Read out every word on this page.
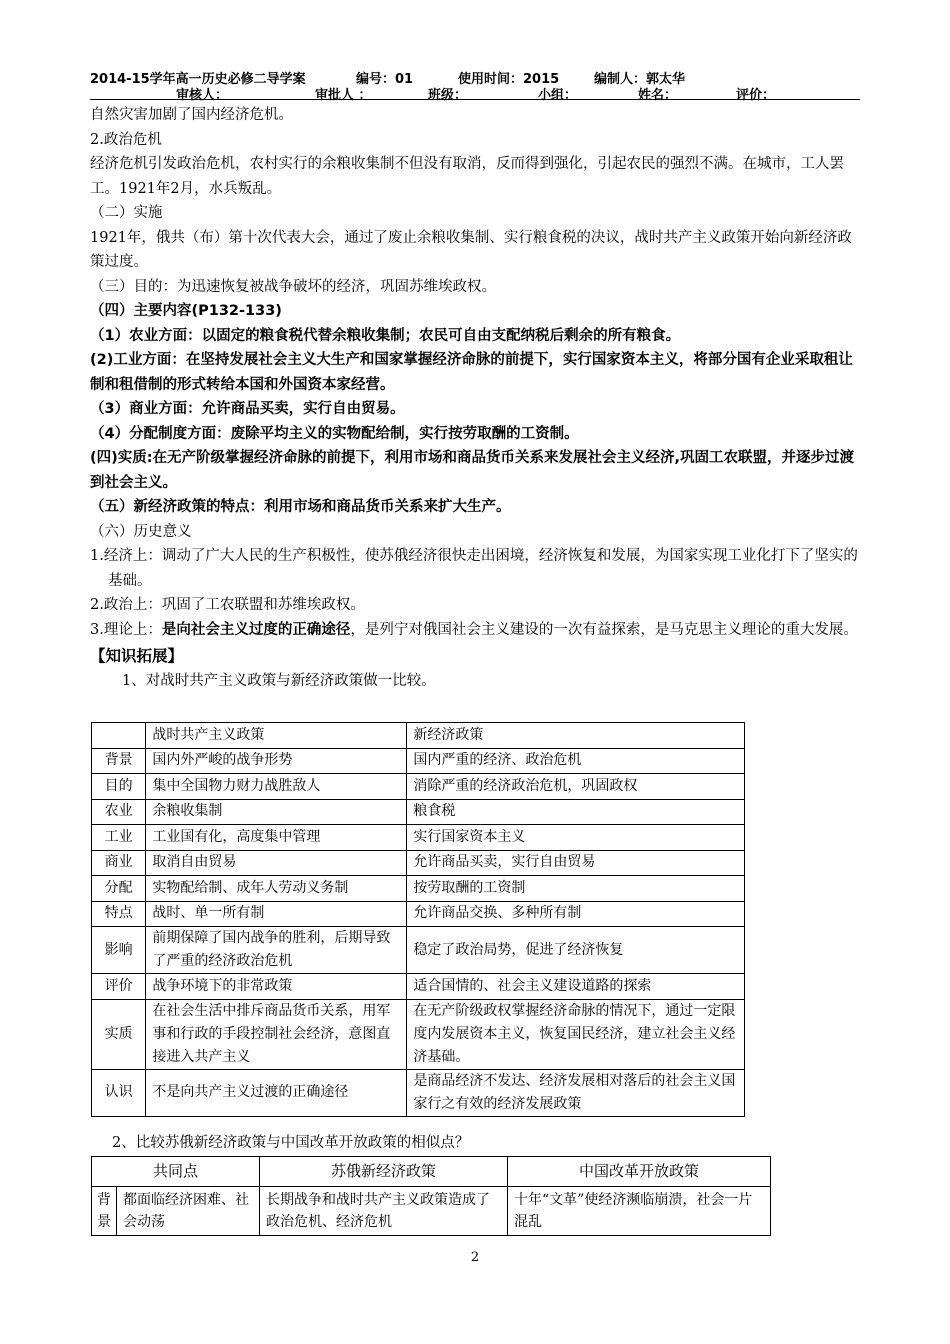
2014-15学年高一历史必修二导学案	编号：01	使用时间：2015	编制人：郭太华
审核人：	审批人 ：	班级：	小组：	姓名：	评价：

自然灾害加剧了国内经济危机。

2.政治危机

经济危机引发政治危机，农村实行的余粮收集制不但没有取消，反而得到强化，引起农民的强烈不满。在城市，工人罢工。1921年2月，水兵叛乱。

（二）实施

1921年，俄共（布）第十次代表大会，通过了废止余粮收集制、实行粮食税的决议，战时共产主义政策开始向新经济政策过度。

（三）目的：为迅速恢复被战争破坏的经济，巩固苏维埃政权。

（四）主要内容(P132-133)

（1）农业方面：以固定的粮食税代替余粮收集制；农民可自由支配纳税后剩余的所有粮食。

(2)工业方面：在坚持发展社会主义大生产和国家掌握经济命脉的前提下，实行国家资本主义，将部分国有企业采取租让制和租借制的形式转给本国和外国资本家经营。

（3）商业方面：允许商品买卖，实行自由贸易。

（4）分配制度方面：废除平均主义的实物配给制，实行按劳取酬的工资制。

(四)实质:在无产阶级掌握经济命脉的前提下，利用市场和商品货币关系来发展社会主义经济,巩固工农联盟，并逐步过渡到社会主义。

（五）新经济政策的特点：利用市场和商品货币关系来扩大生产。

（六）历史意义

1.经济上：调动了广大人民的生产积极性，使苏俄经济很快走出困境，经济恢复和发展，为国家实现工业化打下了坚实的基础。

2.政治上：巩固了工农联盟和苏维埃政权。

3.理论上：是向社会主义过度的正确途径，是列宁对俄国社会主义建设的一次有益探索，是马克思主义理论的重大发展。

【知识拓展】

1、对战时共产主义政策与新经济政策做一比较。

	战时共产主义政策	新经济政策
背景	国内外严峻的战争形势	国内严重的经济、政治危机
目的	集中全国物力财力战胜敌人	消除严重的经济政治危机，巩固政权
农业	余粮收集制	粮食税
工业	工业国有化，高度集中管理	实行国家资本主义
商业	取消自由贸易	允许商品买卖，实行自由贸易
分配	实物配给制、成年人劳动义务制	按劳取酬的工资制
特点	战时、单一所有制	允许商品交换、多种所有制
影响	前期保障了国内战争的胜利，后期导致了严重的经济政治危机	稳定了政治局势，促进了经济恢复
评价	战争环境下的非常政策	适合国情的、社会主义建设道路的探索
实质	在社会生活中排斥商品货币关系，用军事和行政的手段控制社会经济，意图直接进入共产主义	在无产阶级政权掌握经济命脉的情况下，通过一定限度内发展资本主义，恢复国民经济，建立社会主义经济基础。
认识	不是向共产主义过渡的正确途径	是商品经济不发达、经济发展相对落后的社会主义国家行之有效的经济发展政策

2、比较苏俄新经济政策与中国改革开放政策的相似点？

共同点		苏俄新经济政策	中国改革开放政策
背景	都面临经济困难、社会动荡	长期战争和战时共产主义政策造成了政治危机、经济危机	十年“文革”使经济濒临崩溃，社会一片混乱
2
